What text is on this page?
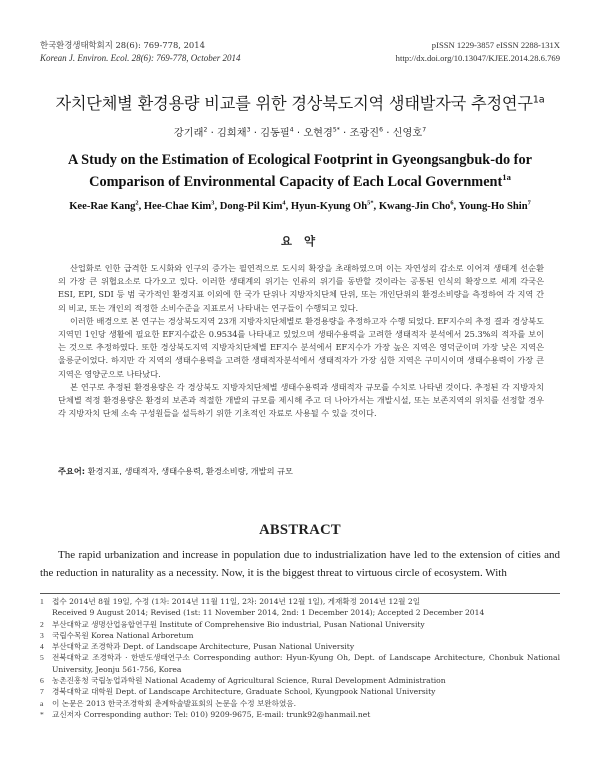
한국환경생태학회지 28(6): 769-778, 2014
Korean J. Environ. Ecol. 28(6): 769-778, October 2014
pISSN 1229-3857 eISSN 2288-131X
http://dx.doi.org/10.13047/KJEE.2014.28.6.769
자치단체별 환경용량 비교를 위한 경상북도지역 생태발자국 추정연구$^{1a}$
강기래$^2$ · 김희채$^3$ · 김동필$^4$ · 오현경$^{5*}$ · 조광진$^6$ · 신영호$^7$
A Study on the Estimation of Ecological Footprint in Gyeongsangbuk-do for Comparison of Environmental Capacity of Each Local Government$^{1a}$
Kee-Rae Kang$^2$, Hee-Chae Kim$^3$, Dong-Pil Kim$^4$, Hyun-Kyung $Oh^{5*}$, Kwang-Jin Cho$^6$, Young-Ho Shin$^7$
요 약

산업화로 인한 급격한 도시화와 인구의 증가는 필연적으로 도시의 확장을 초래하였으며 이는 자연성의 감소로 이어져 생태계 선순환의 가장 큰 위협요소로 다가오고 있다. 이러한 생태계의 위기는 인류의 위기를 동반할 것이라는 공통된 인식의 확장으로 세계 각국은 ESI, EPI, SDI 등 범 국가적인 환경지표 이외에 한 국가 단위나 지방자치단체 단위, 또는 개인단위의 환경소비량을 측정하여 각 지역 간의 비교, 또는 개인의 적정한 소비수준을 지표로서 나타내는 연구들이 수행되고 있다.

이러한 배경으로 본 연구는 경상북도지역 23개 지방자치단체별로 환경용량을 추정하고자 수행 되었다. EF지수의 추정 결과 경상북도지역민 1인당 생활에 필요한 EF지수값은 0.9534를 나타내고 있었으며 생태수용력을 고려한 생태적자 분석에서 25.3%의 적자를 보이는 것으로 추정하였다. 또한 경상북도지역 지방자치단체별 EF지수 분석에서 EF지수가 가장 높은 지역은 영덕군이며 가장 낮은 지역은 울릉군이었다. 하지만 각 지역의 생태수용력을 고려한 생태적자분석에서 생태적자가 가장 심한 지역은 구미시이며 생태수용력이 가장 큰 지역은 영양군으로 나타났다.

본 연구로 추정된 환경용량은 각 경상북도 지방자치단체별 생태수용력과 생태적자 규모를 수치로 나타낸 것이다. 추정된 각 지방자치단체별 적정 환경용량은 환경의 보존과 적절한 개발의 규모를 제시해 주고 더 나아가서는 개발시설, 또는 보존지역의 위치를 선정할 경우 각 지방자치 단체 소속 구성원들을 설득하기 위한 기초적인 자료로 사용될 수 있을 것이다.

주요어: 환경지표, 생태적자, 생태수용력, 환경소비량, 개발의 규모
ABSTRACT

The rapid urbanization and increase in population due to industrialization have led to the extension of cities and the reduction in naturality as a necessity. Now, it is the biggest threat to virtuous circle of ecosystem. With

1	접수 2014년 8월 19일, 수정 (1차: 2014년 11월 11일, 2차: 2014년 12월 1일), 게재확정 2014년 12월 2일
Received 9 August 2014; Revised (1st: 11 November 2014, 2nd: 1 December 2014); Accepted 2 December 2014
2	부산대학교 생명산업융합연구원 Institute of Comprehensive Bio industrial, Pusan National University
3	국립수목원 Korea National Arboretum
4	부산대학교 조경학과 Dept. of Landscape Architecture, Pusan National University
5	전북대학교 조경학과 · 한반도생태연구소 Corresponding author: Hyun-Kyung Oh, Dept. of Landscape Architecture, Chonbuk National University, Jeonju 561-756, Korea
6	농촌진흥청 국립농업과학원 National Academy of Agricultural Science, Rural Development Administration
7	경북대학교 대학원 Dept. of Landscape Architecture, Graduate School, Kyungpook National University
a	이 논문은 2013 한국조경학회 춘계학술발표회의 논문을 수정 보완하였음.
*	교신저자 Corresponding author: Tel: 010) 9209-9675, E-mail: trunk92@hanmail.net
